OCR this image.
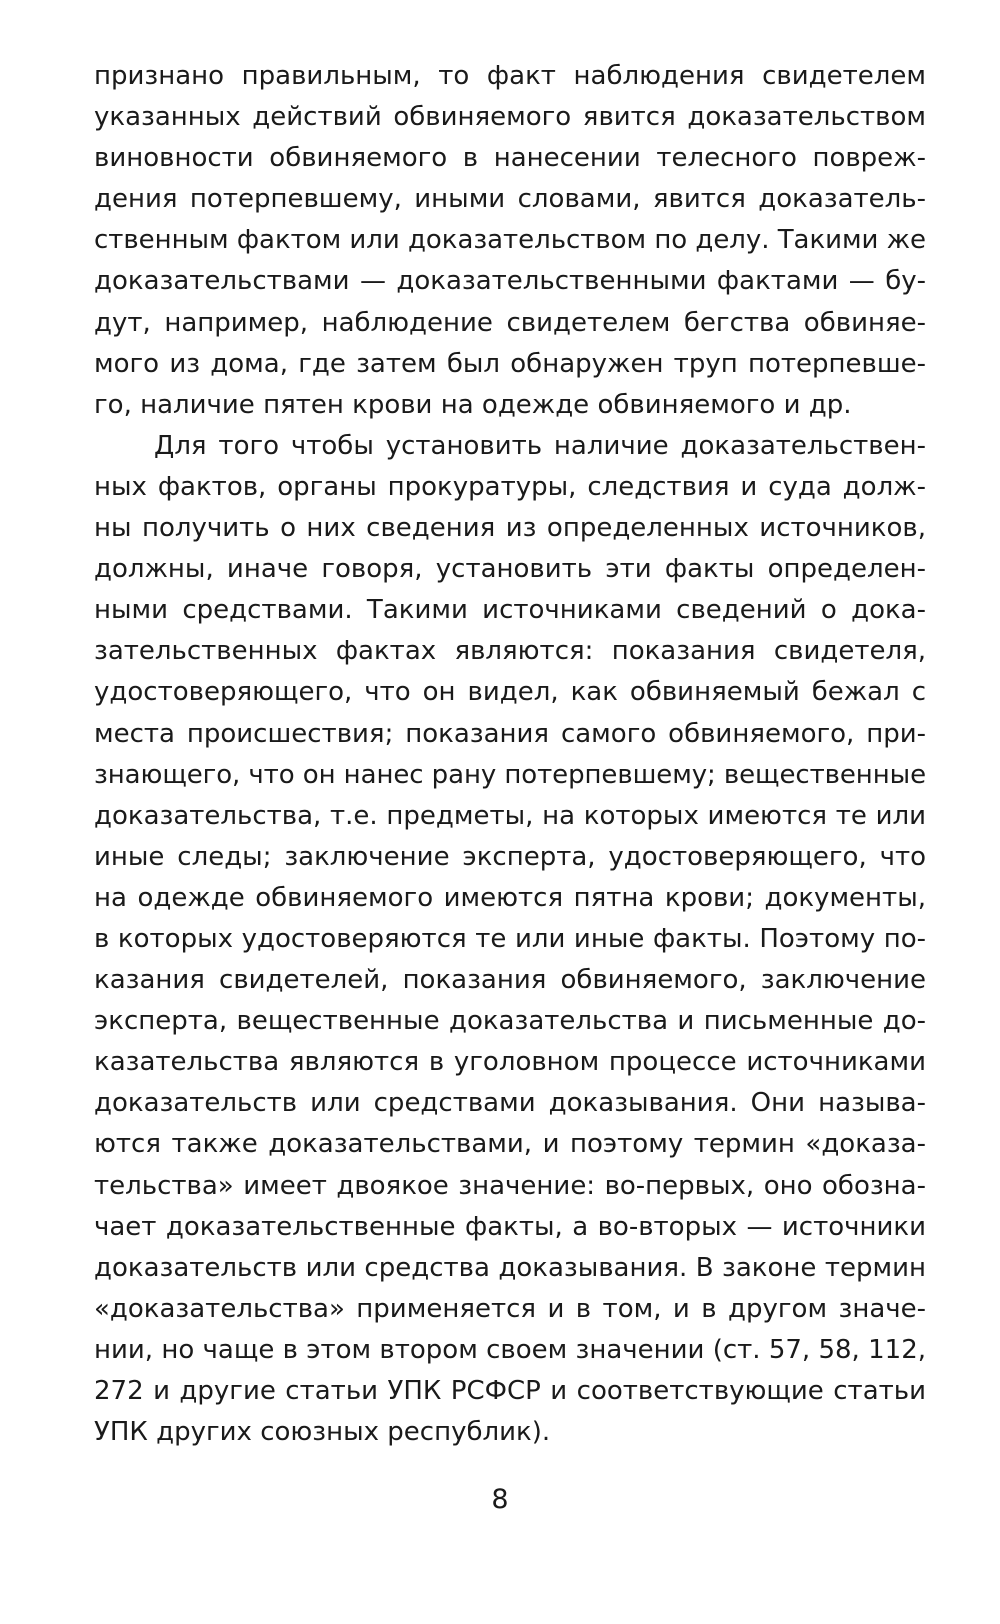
признано правильным, то факт наблюдения свидетелем
указанных действий обвиняемого явится доказательством
виновности обвиняемого в нанесении телесного повреж-
дения потерпевшему, иными словами, явится доказатель-
ственным фактом или доказательством по делу. Такими же
доказательствами — доказательственными фактами — бу-
дут, например, наблюдение свидетелем бегства обвиняе-
мого из дома, где затем был обнаружен труп потерпевше-
го, наличие пятен крови на одежде обвиняемого и др.
Для того чтобы установить наличие доказательствен-
ных фактов, органы прокуратуры, следствия и суда долж-
ны получить о них сведения из определенных источников,
должны, иначе говоря, установить эти факты определен-
ными средствами. Такими источниками сведений о дока-
зательственных фактах являются: показания свидетеля,
удостоверяющего, что он видел, как обвиняемый бежал с
места происшествия; показания самого обвиняемого, при-
знающего, что он нанес рану потерпевшему; вещественные
доказательства, т.е. предметы, на которых имеются те или
иные следы; заключение эксперта, удостоверяющего, что
на одежде обвиняемого имеются пятна крови; документы,
в которых удостоверяются те или иные факты. Поэтому по-
казания свидетелей, показания обвиняемого, заключение
эксперта, вещественные доказательства и письменные до-
казательства являются в уголовном процессе источниками
доказательств или средствами доказывания. Они называ-
ются также доказательствами, и поэтому термин «доказа-
тельства» имеет двоякое значение: во-первых, оно обозна-
чает доказательственные факты, а во-вторых — источники
доказательств или средства доказывания. В законе термин
«доказательства» применяется и в том, и в другом значе-
нии, но чаще в этом втором своем значении (ст. 57, 58, 112,
272 и другие статьи УПК РСФСР и соответствующие статьи
УПК других союзных республик).
8
